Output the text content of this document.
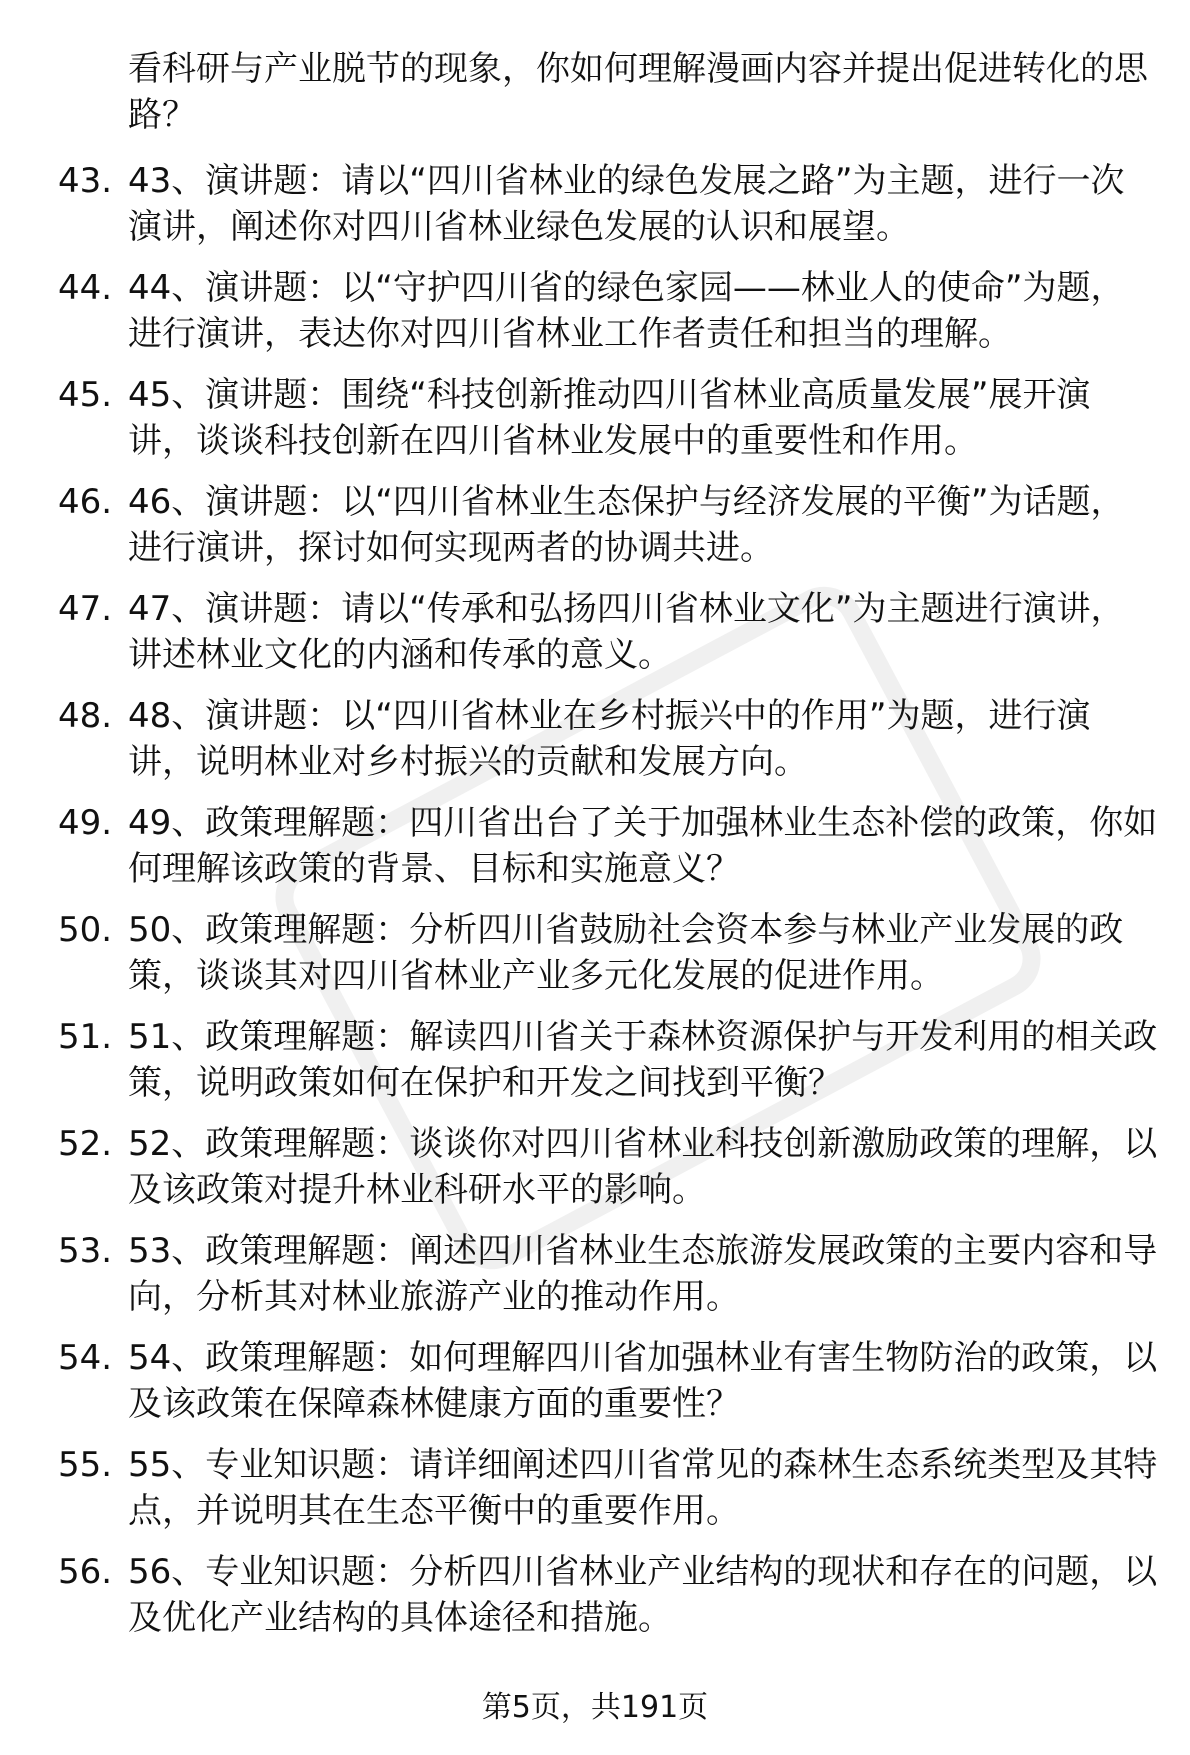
看科研与产业脱节的现象，你如何理解漫画内容并提出促进转化的思路？
43. 43、演讲题：请以“四川省林业的绿色发展之路”为主题，进行一次演讲，阐述你对四川省林业绿色发展的认识和展望。
44. 44、演讲题：以“守护四川省的绿色家园——林业人的使命”为题，进行演讲，表达你对四川省林业工作者责任和担当的理解。
45. 45、演讲题：围绕“科技创新推动四川省林业高质量发展”展开演讲，谈谈科技创新在四川省林业发展中的重要性和作用。
46. 46、演讲题：以“四川省林业生态保护与经济发展的平衡”为话题，进行演讲，探讨如何实现两者的协调共进。
47. 47、演讲题：请以“传承和弘扬四川省林业文化”为主题进行演讲，讲述林业文化的内涵和传承的意义。
48. 48、演讲题：以“四川省林业在乡村振兴中的作用”为题，进行演讲，说明林业对乡村振兴的贡献和发展方向。
49. 49、政策理解题：四川省出台了关于加强林业生态补偿的政策，你如何理解该政策的背景、目标和实施意义？
50. 50、政策理解题：分析四川省鼓励社会资本参与林业产业发展的政策，谈谈其对四川省林业产业多元化发展的促进作用。
51. 51、政策理解题：解读四川省关于森林资源保护与开发利用的相关政策，说明政策如何在保护和开发之间找到平衡？
52. 52、政策理解题：谈谈你对四川省林业科技创新激励政策的理解，以及该政策对提升林业科研水平的影响。
53. 53、政策理解题：阐述四川省林业生态旅游发展政策的主要内容和导向，分析其对林业旅游产业的推动作用。
54. 54、政策理解题：如何理解四川省加强林业有害生物防治的政策，以及该政策在保障森林健康方面的重要性？
55. 55、专业知识题：请详细阐述四川省常见的森林生态系统类型及其特点，并说明其在生态平衡中的重要作用。
56. 56、专业知识题：分析四川省林业产业结构的现状和存在的问题，以及优化产业结构的具体途径和措施。
第5页，共191页
